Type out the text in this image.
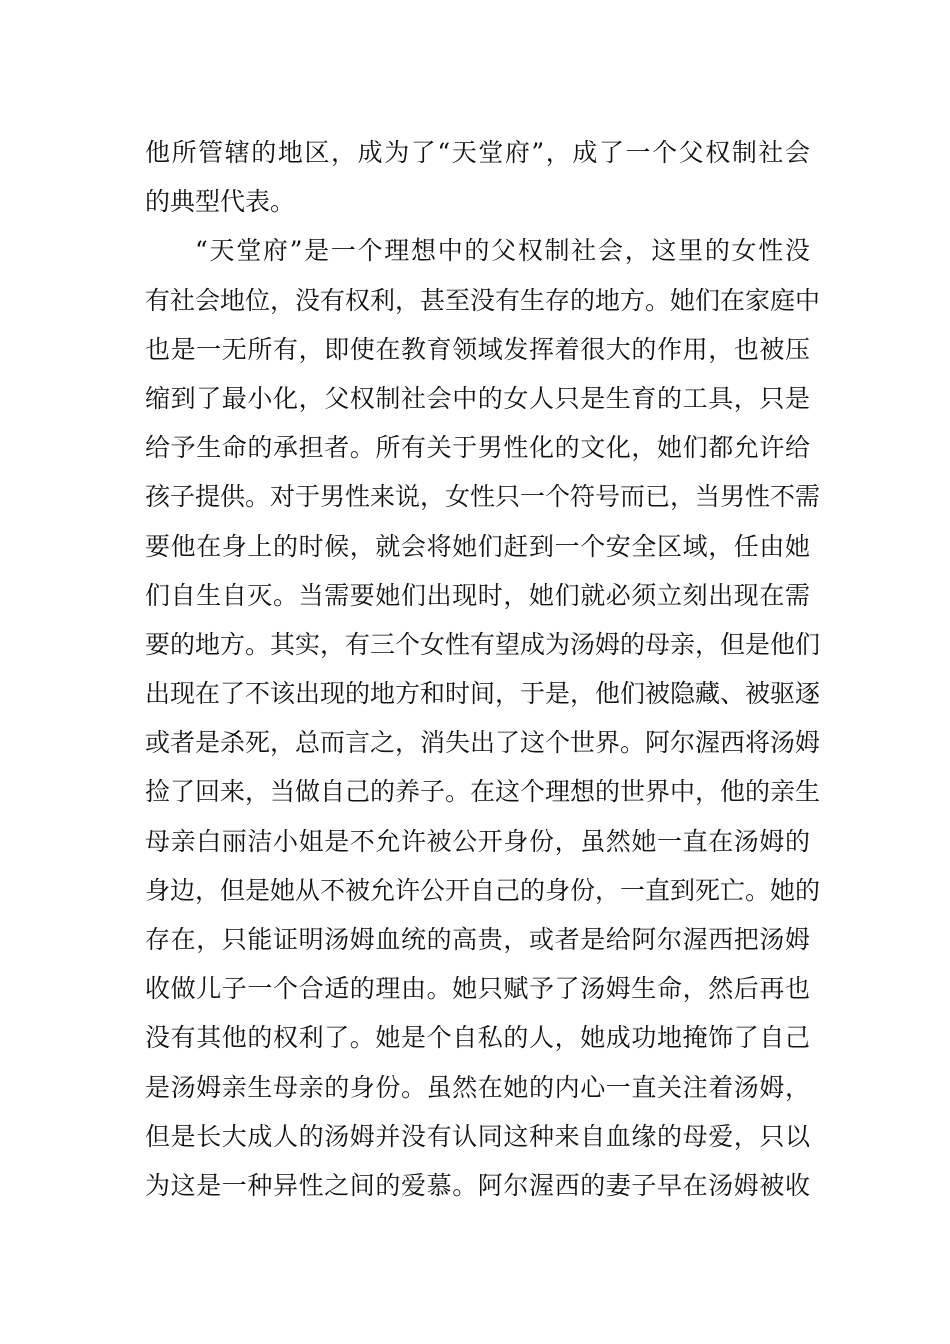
他所管辖的地区，成为了“天堂府”，成了一个父权制社会
的典型代表。
“天堂府”是一个理想中的父权制社会，这里的女性没
有社会地位，没有权利，甚至没有生存的地方。她们在家庭中
也是一无所有，即使在教育领域发挥着很大的作用，也被压
缩到了最小化，父权制社会中的女人只是生育的工具，只是
给予生命的承担者。所有关于男性化的文化，她们都允许给
孩子提供。对于男性来说，女性只一个符号而已，当男性不需
要他在身上的时候，就会将她们赶到一个安全区域，任由她
们自生自灭。当需要她们出现时，她们就必须立刻出现在需
要的地方。其实，有三个女性有望成为汤姆的母亲，但是他们
出现在了不该出现的地方和时间，于是，他们被隐藏、被驱逐
或者是杀死，总而言之，消失出了这个世界。阿尔渥西将汤姆
捡了回来，当做自己的养子。在这个理想的世界中，他的亲生
母亲白丽洁小姐是不允许被公开身份，虽然她一直在汤姆的
身边，但是她从不被允许公开自己的身份，一直到死亡。她的
存在，只能证明汤姆血统的高贵，或者是给阿尔渥西把汤姆
收做儿子一个合适的理由。她只赋予了汤姆生命，然后再也
没有其他的权利了。她是个自私的人，她成功地掩饰了自己
是汤姆亲生母亲的身份。虽然在她的内心一直关注着汤姆，
但是长大成人的汤姆并没有认同这种来自血缘的母爱，只以
为这是一种异性之间的爱慕。阿尔渥西的妻子早在汤姆被收
